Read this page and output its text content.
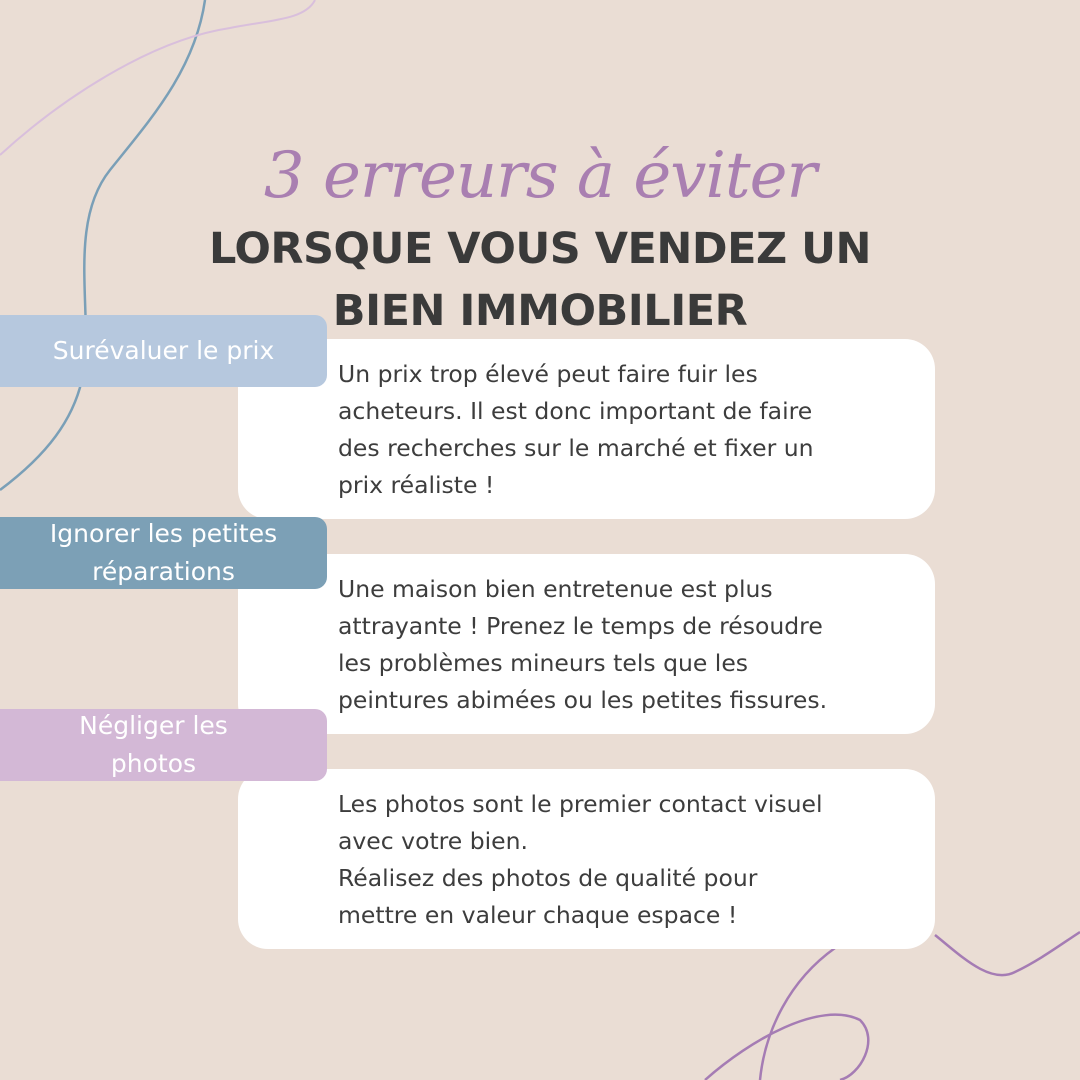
3 erreurs à éviter
LORSQUE VOUS VENDEZ UN
BIEN IMMOBILIER
Un prix trop élevé peut faire fuir les
acheteurs. Il est donc important de faire
des recherches sur le marché et fixer un
prix réaliste !
Surévaluer le prix
Une maison bien entretenue est plus
attrayante ! Prenez le temps de résoudre
les problèmes mineurs tels que les
peintures abimées ou les petites fissures.
Ignorer les petites réparations
Les photos sont le premier contact visuel
avec votre bien.
Réalisez des photos de qualité pour
mettre en valeur chaque espace !
Négliger les photos
